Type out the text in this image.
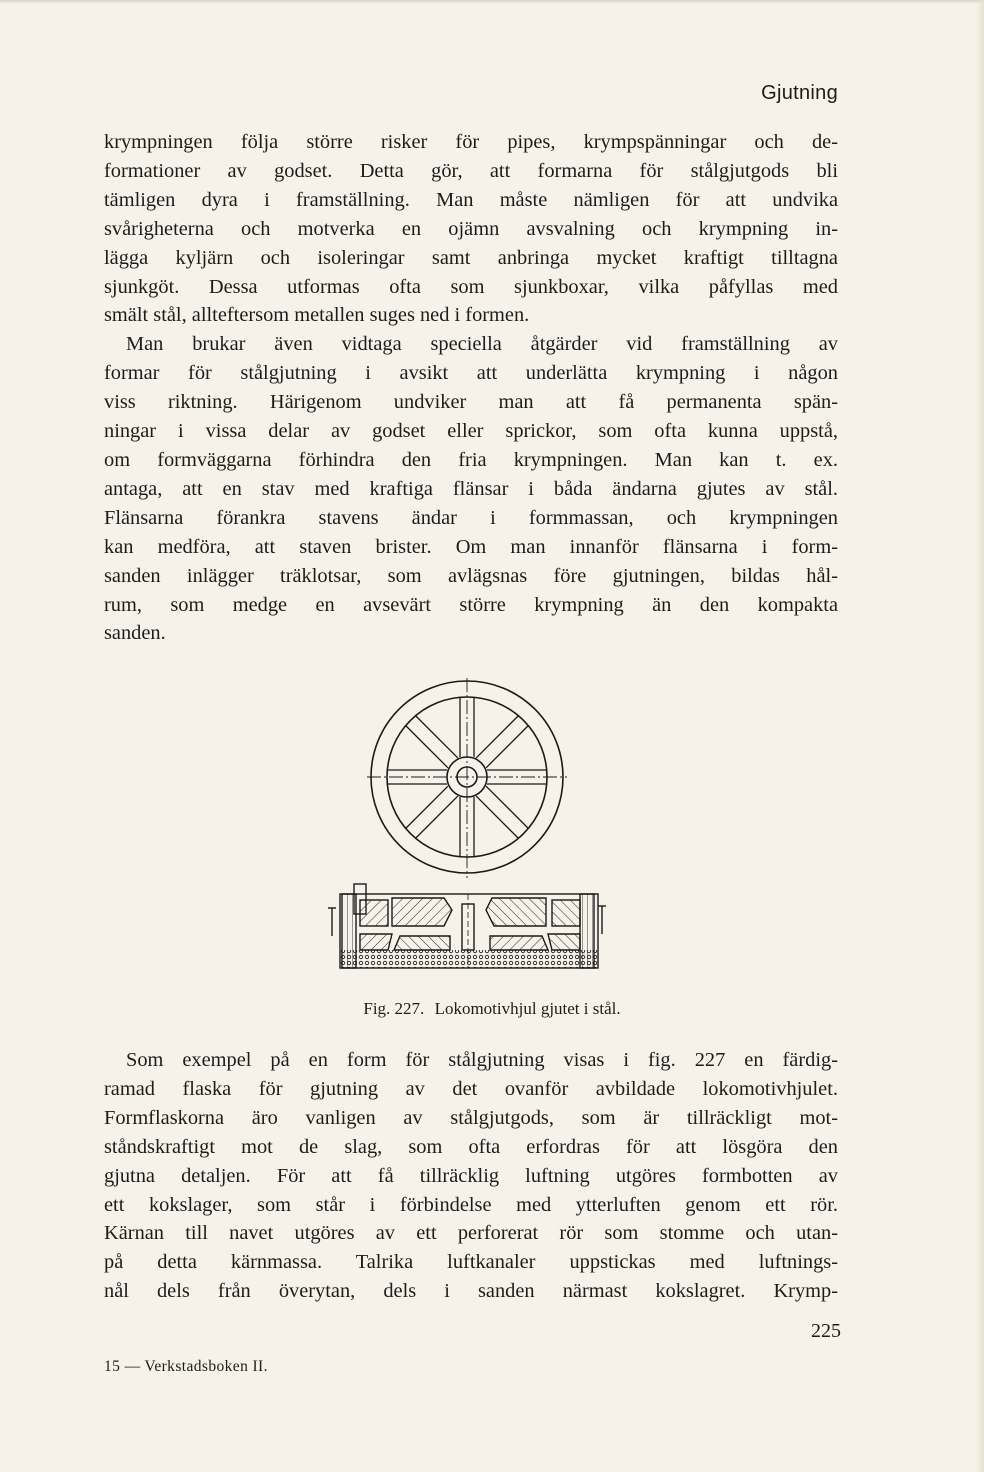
Gjutning
krympningen följa större risker för pipes, krympspänningar och de-
formationer av godset. Detta gör, att formarna för stålgjutgods bli
tämligen dyra i framställning. Man måste nämligen för att undvika
svårigheterna och motverka en ojämn avsvalning och krympning in-
lägga kyljärn och isoleringar samt anbringa mycket kraftigt tilltagna
sjunkgöt. Dessa utformas ofta som sjunkboxar, vilka påfyllas med
smält stål, allteftersom metallen suges ned i formen.
Man brukar även vidtaga speciella åtgärder vid framställning av
formar för stålgjutning i avsikt att underlätta krympning i någon
viss riktning. Härigenom undviker man att få permanenta spän-
ningar i vissa delar av godset eller sprickor, som ofta kunna uppstå,
om formväggarna förhindra den fria krympningen. Man kan t. ex.
antaga, att en stav med kraftiga flänsar i båda ändarna gjutes av stål.
Flänsarna förankra stavens ändar i formmassan, och krympningen
kan medföra, att staven brister. Om man innanför flänsarna i form-
sanden inlägger träklotsar, som avlägsnas före gjutningen, bildas hål-
rum, som medge en avsevärt större krympning än den kompakta
sanden.
Fig. 227. Lokomotivhjul gjutet i stål.
Som exempel på en form för stålgjutning visas i fig. 227 en färdig-
ramad flaska för gjutning av det ovanför avbildade lokomotivhjulet.
Formflaskorna äro vanligen av stålgjutgods, som är tillräckligt mot-
ståndskraftigt mot de slag, som ofta erfordras för att lösgöra den
gjutna detaljen. För att få tillräcklig luftning utgöres formbotten av
ett kokslager, som står i förbindelse med ytterluften genom ett rör.
Kärnan till navet utgöres av ett perforerat rör som stomme och utan-
på detta kärnmassa. Talrika luftkanaler uppstickas med luftnings-
nål dels från överytan, dels i sanden närmast kokslagret. Krymp-
225
15 — Verkstadsboken II.
